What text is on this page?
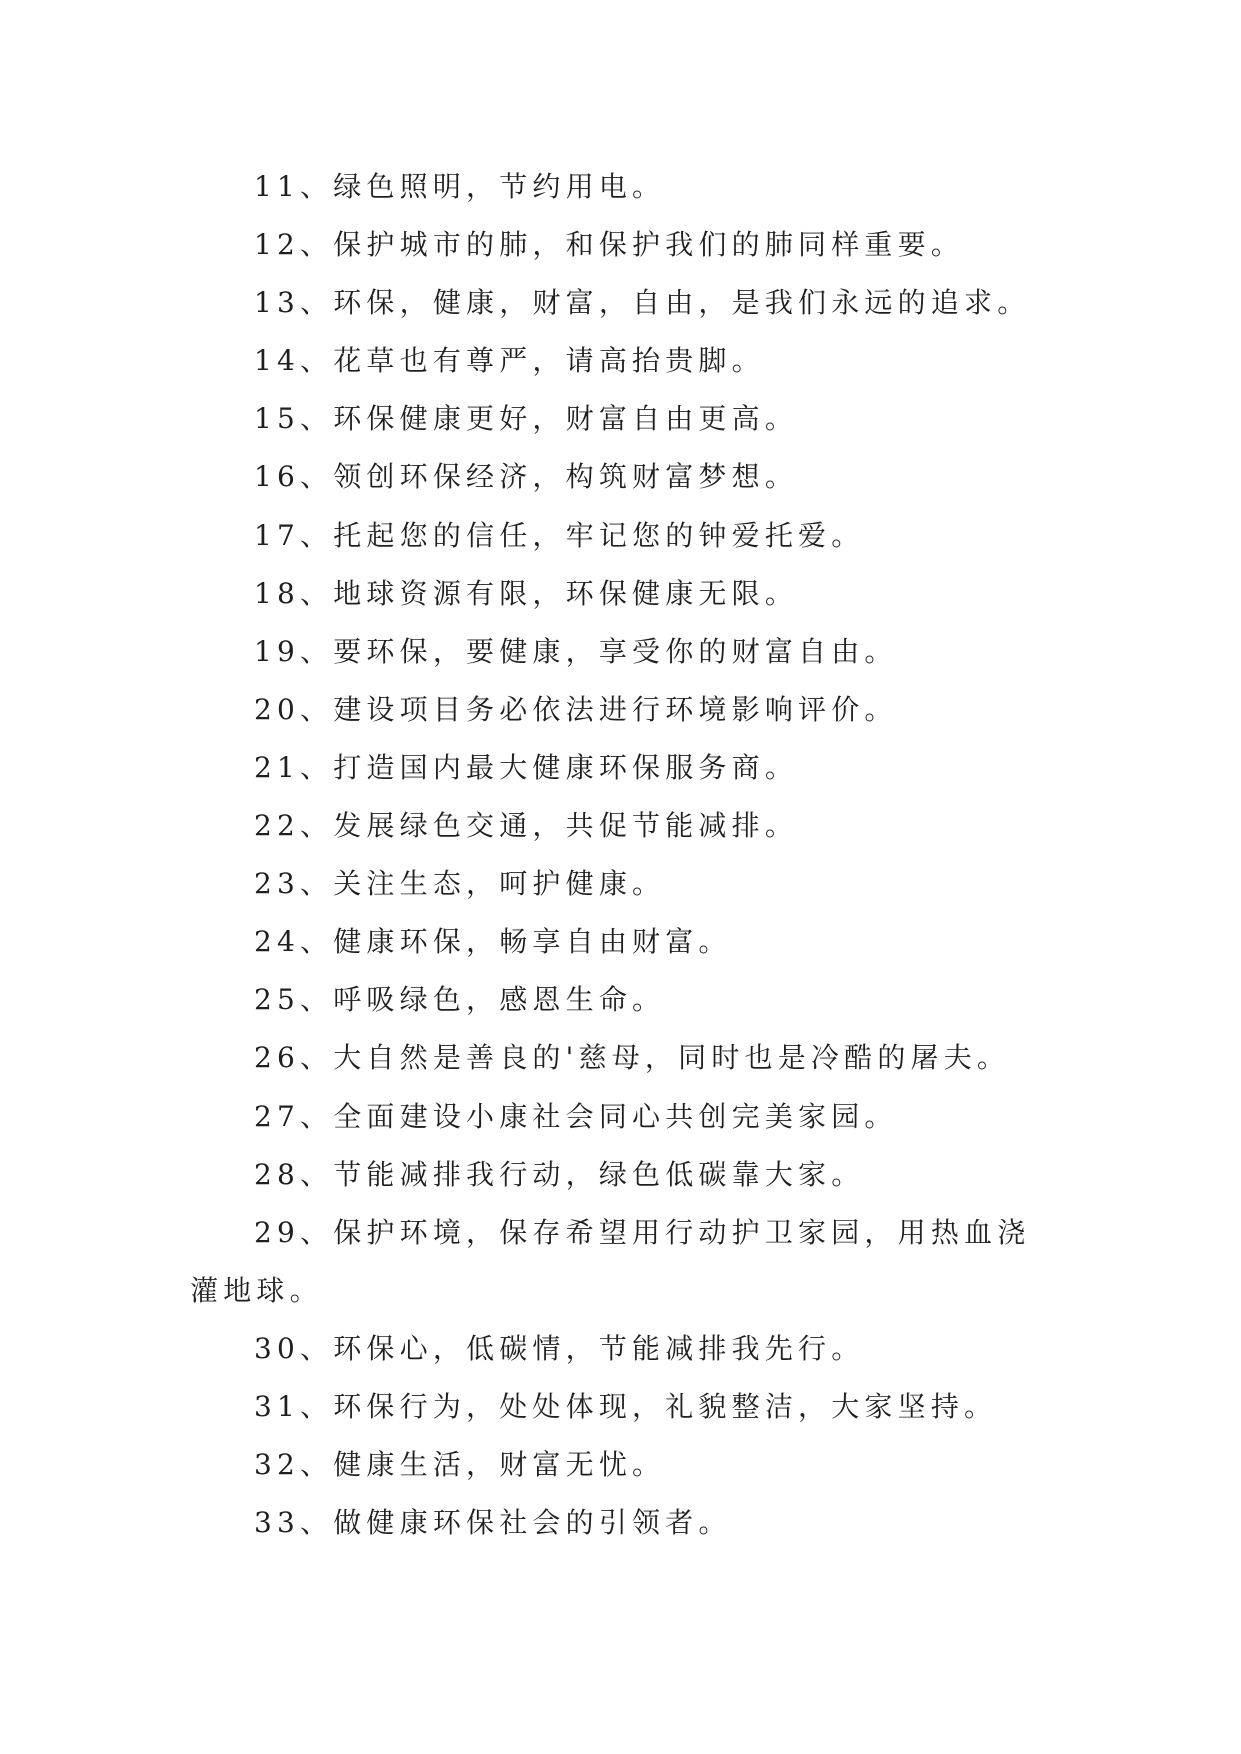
11、绿色照明，节约用电。

12、保护城市的肺，和保护我们的肺同样重要。

13、环保，健康，财富，自由，是我们永远的追求。

14、花草也有尊严，请高抬贵脚。

15、环保健康更好，财富自由更高。

16、领创环保经济，构筑财富梦想。

17、托起您的信任，牢记您的钟爱托爱。

18、地球资源有限，环保健康无限。

19、要环保，要健康，享受你的财富自由。

20、建设项目务必依法进行环境影响评价。

21、打造国内最大健康环保服务商。

22、发展绿色交通，共促节能减排。

23、关注生态，呵护健康。

24、健康环保，畅享自由财富。

25、呼吸绿色，感恩生命。

26、大自然是善良的'慈母，同时也是冷酷的屠夫。

27、全面建设小康社会同心共创完美家园。

28、节能减排我行动，绿色低碳靠大家。

29、保护环境，保存希望用行动护卫家园，用热血浇灌地球。

30、环保心，低碳情，节能减排我先行。

31、环保行为，处处体现，礼貌整洁，大家坚持。

32、健康生活，财富无忧。

33、做健康环保社会的引领者。
